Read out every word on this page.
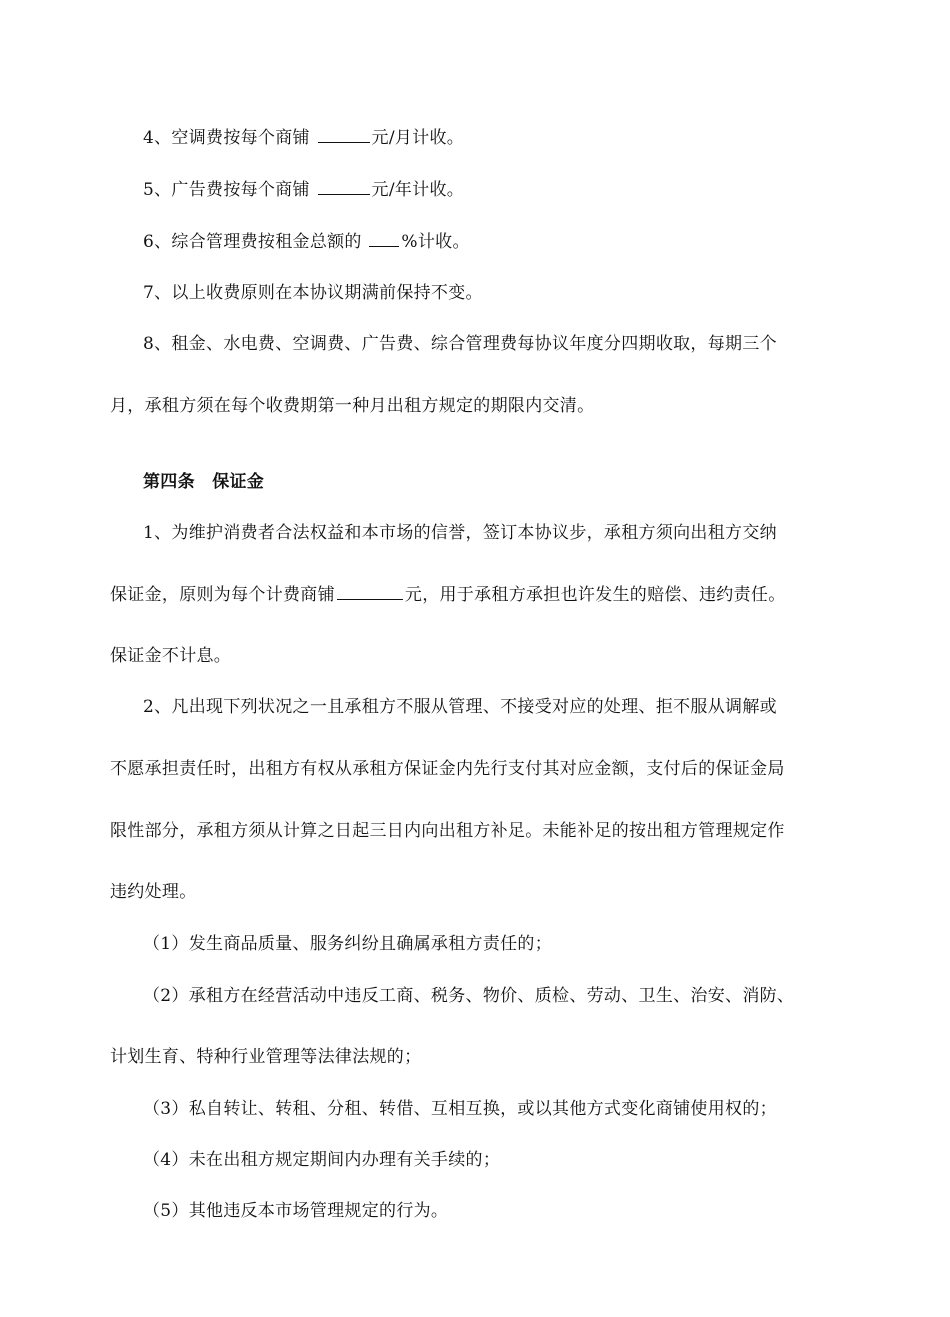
4、空调费按每个商铺	元/月计收。
5、广告费按每个商铺	元/年计收。
6、综合管理费按租金总额的 %计收。
7、以上收费原则在本协议期满前保持不变。
8、租金、水电费、空调费、广告费、综合管理费每协议年度分四期收取，每期三个
月，承租方须在每个收费期第一种月出租方规定的期限内交清。
第四条　保证金
1、为维护消费者合法权益和本市场的信誉，签订本协议步，承租方须向出租方交纳
保证金，原则为每个计费商铺	元，用于承租方承担也许发生的赔偿、违约责任。
保证金不计息。
2、凡出现下列状况之一且承租方不服从管理、不接受对应的处理、拒不服从调解或
不愿承担责任时，出租方有权从承租方保证金内先行支付其对应金额，支付后的保证金局
限性部分，承租方须从计算之日起三日内向出租方补足。未能补足的按出租方管理规定作
违约处理。
（1）发生商品质量、服务纠纷且确属承租方责任的；
（2）承租方在经营活动中违反工商、税务、物价、质检、劳动、卫生、治安、消防、
计划生育、特种行业管理等法律法规的；
（3）私自转让、转租、分租、转借、互相互换，或以其他方式变化商铺使用权的；
（4）未在出租方规定期间内办理有关手续的；
（5）其他违反本市场管理规定的行为。
